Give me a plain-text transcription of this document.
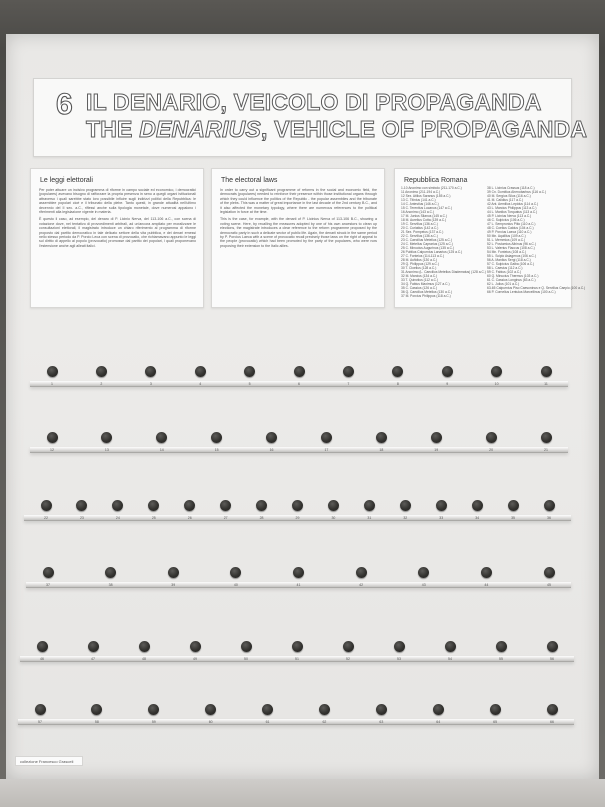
6 IL DENARIO, VEICOLO DI PROPAGANDA
THE DENARIUS, VEHICLE OF PROPAGANDA
Le leggi elettorali

Per poter attuare un incisivo programma di riforme in campo sociale ed economico, i democratici (populares) avevano bisogno di rafforzare la propria presenza in seno a quegli organi istituzionali attraverso i quali sarebbe stato loro possibile influire sugli indirizzi politici della Repubblica: le assemblee popolari cioè e il tribunato della plebe. Tanto questi, in grande attualità nell'ultimo decennio del II sec. a.C., riflessi anche sulla tipologia monetale, dove numerosi appaiono i riferimenti alla legislazione vigente in materia.

È questo il caso, ad esempio, del denaro di P. Licinio Nerva, del 113-106 a.C., con scena di votazione dove, nel tentativo di provvedimenti arbitrali, ad un'ancora ampliato per moralizzare le consultazioni elettorali, il magistrato introduce un chiaro riferimento al programma di riforme proposto dal partito democratico in tale delicato settore della vita pubblica, e dei denari emessi nello stesso periodo da P. Porcio Leca con scena di provocatio, che richiamavano appunto le leggi sul diritto di appello al popolo (provocatio) promosse dal partito dei popolari, i quali proponevano l'estensione anche agli alleati italici.

The electoral laws

In order to carry out a significant programme of reforms in the social and economic field, the democrats (populares) needed to reinforce their presence within those institutional organs through which they could influence the politics of the Republic - the popular assemblies and the tribunate of the plebs. This was a matter of great importance in the last decade of the 2nd century B.C., and it also affected the monetary typology, where there are numerous references to the political legislation in force at the time.

This is the case, for example, with the denarii of P. Licinius Nerva of 113-106 B.C., showing a voting scene. Here, by recalling the measures adopted by one of his own ancestors to clean up elections, the magistrate introduces a clear reference to the reform programme proposed by the democratic party in such a delicate sector of public life. Again, the denarii struck in the same period by P. Porcius Laeca with a scene of provocatio recall precisely those laws on the right of appeal to the people (provocatio) which had been promoted by the party of the populares, who were now proposing their extension to the Italic allies.

Repubblica Romana
1-10 Anonimo con simbolo (211-170 a.C.)
11 Anonimo (211-194 a.C.)
12 Sex. Atilius Saranus (155 a.C.)
13 C. Titinius (141 a.C.)
14 C. Antestius (146 a.C.)
15 C. Terentius Lucanus (147 a.C.)
16 Anonimo (143 a.C.)
17 M. Junius Silanus (145 a.C.)
18 M. Aurelius Cotta (139 a.C.)
19 C. Servilius (136 a.C.)
20 C. Curiatius (142 a.C.)
21 Sex. Pompeius (137 a.C.)
22 C. Servilius (136 a.C.)
23 C. Caecilius Metellus (125 a.C.)
24 C. Metellus Caprarius (125 a.C.)
25 C. Minucius Augurinus (135 a.C.)
26 Publius Calpurnius Lanarius (125 a.C.)
27 C. Fonteius (114-113 a.C.)
28 M. Aufidius (130 a.C.)
29 Q. Philippus (129 a.C.)
30 T. Cloelius (128 a.C.)
31 Anonimo (L. Caecilius Metellus Diadematus) (128 a.C.)
32 M. Marcius (134 a.C.)
33 T. Quinctius (112 a.C.)
34 Q. Fabius Maximus (127 a.C.)
35 C. Cassius (126 a.C.)
36 Q. Caecilius Metellus (130 a.C.)
37 M. Porcius Philippus (118 a.C.)
38 L. Licinius Crassus (118 a.C.)
39 Cn. Domitius Ahenobarbus (116 a.C.)
40 M. Sergius Silus (116 a.C.)
41 M. Calidius (117 a.C.)
42 Ant. Aemilius Lepidus (114 a.C.)
43 L. Marcius Philippus (113 a.C.)
44 L. Manlius Torquatus (113 a.C.)
45 P. Licinius Nerva (113 a.C.)
46 C. Sulpicius (106 a.C.)
47 L. Sempronius Pitio (110 a.C.)
48 C. Coelius Caldus (104 a.C.)
49 P. Porcius Laeca (110 a.C.)
50 Mn. Aquillius (109 a.C.)
51 L. Memmius (109 a.C.)
52 L. Postumius Albinus (96 a.C.)
53 L. Valerius Flaccus (108 a.C.)
54 Mn. Fonteius (108 a.C.)
55 L. Scipio Asiagenus (106 a.C.)
56 A. Manlius Sergi (118 a.C.)
57 C. Sulpicius Galba (106 a.C.)
58 L. Caesius (112 a.C.)
59 C. Fabius (102 a.C.)
60 Q. Minucius Thermus (103 a.C.)
61 C. Cassius Longinus (63 a.C.)
62 L. Julius (101 a.C.)
63-65 Calpurnius Piso Caesoninus e Q. Servilius Caepio (100 a.C.)
66 P. Cornelius Lentulus Marcellinus (100 a.C.)
1	2	3	4	5	6	7	8	9	10	11
12	13	14	15	16	17	18	19	20	21
22	23	24	25	26	27	28	29	30	31	32	33	34	35	36
37	38	39	40	41	42	43	44	45
46	47	48	49	50	51	52	53	54	55	56
57	58	59	60	61	62	63	64	65	66
collezione Francesco Grasceli
